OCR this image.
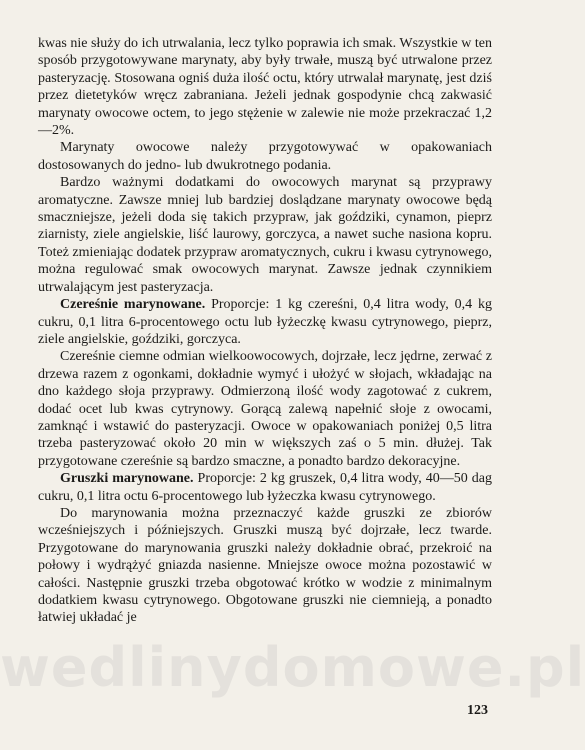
kwas nie służy do ich utrwalania, lecz tylko poprawia ich smak. Wszystkie w ten sposób przygotowywane marynaty, aby były trwałe, muszą być utrwalone przez pasteryzację. Stosowana ogniś duża ilość octu, który utrwalał marynatę, jest dziś przez dietetyków wręcz zabraniana. Jeżeli jednak gospodynie chcą zakwasić marynaty owocowe octem, to jego stężenie w zalewie nie może przekraczać 1,2—2%.

Marynaty owocowe należy przygotowywać w opakowaniach dostosowanych do jedno- lub dwukrotnego podania.

Bardzo ważnymi dodatkami do owocowych marynat są przyprawy aromatyczne. Zawsze mniej lub bardziej doslądzane marynaty owocowe będą smaczniejsze, jeżeli doda się takich przypraw, jak goździki, cynamon, pieprz ziarnisty, ziele angielskie, liść laurowy, gorczyca, a nawet suche nasiona kopru. Toteż zmieniając dodatek przypraw aromatycznych, cukru i kwasu cytrynowego, można regulować smak owocowych marynat. Zawsze jednak czynnikiem utrwalającym jest pasteryzacja.

Czereśnie marynowane. Proporcje: 1 kg czereśni, 0,4 litra wody, 0,4 kg cukru, 0,1 litra 6-procentowego octu lub łyżeczkę kwasu cytrynowego, pieprz, ziele angielskie, goździki, gorczyca.

Czereśnie ciemne odmian wielkoowocowych, dojrzałe, lecz jędrne, zerwać z drzewa razem z ogonkami, dokładnie wymyć i ułożyć w słojach, wkładając na dno każdego słoja przyprawy. Odmierzoną ilość wody zagotować z cukrem, dodać ocet lub kwas cytrynowy. Gorącą zalewą napełnić słoje z owocami, zamknąć i wstawić do pasteryzacji. Owoce w opakowaniach poniżej 0,5 litra trzeba pasteryzować około 20 min w większych zaś o 5 min. dłużej. Tak przygotowane czereśnie są bardzo smaczne, a ponadto bardzo dekoracyjne.

Gruszki marynowane. Proporcje: 2 kg gruszek, 0,4 litra wody, 40—50 dag cukru, 0,1 litra octu 6-procentowego lub łyżeczka kwasu cytrynowego.

Do marynowania można przeznaczyć każde gruszki ze zbiorów wcześniejszych i późniejszych. Gruszki muszą być dojrzałe, lecz twarde. Przygotowane do marynowania gruszki należy dokładnie obrać, przekroić na połowy i wydrążyć gniazda nasienne. Mniejsze owoce można pozostawić w całości. Następnie gruszki trzeba obgotować krótko w wodzie z minimalnym dodatkiem kwasu cytrynowego. Obgotowane gruszki nie ciemnieją, a ponadto łatwiej układać je

wedlinydomowe.pl
123
